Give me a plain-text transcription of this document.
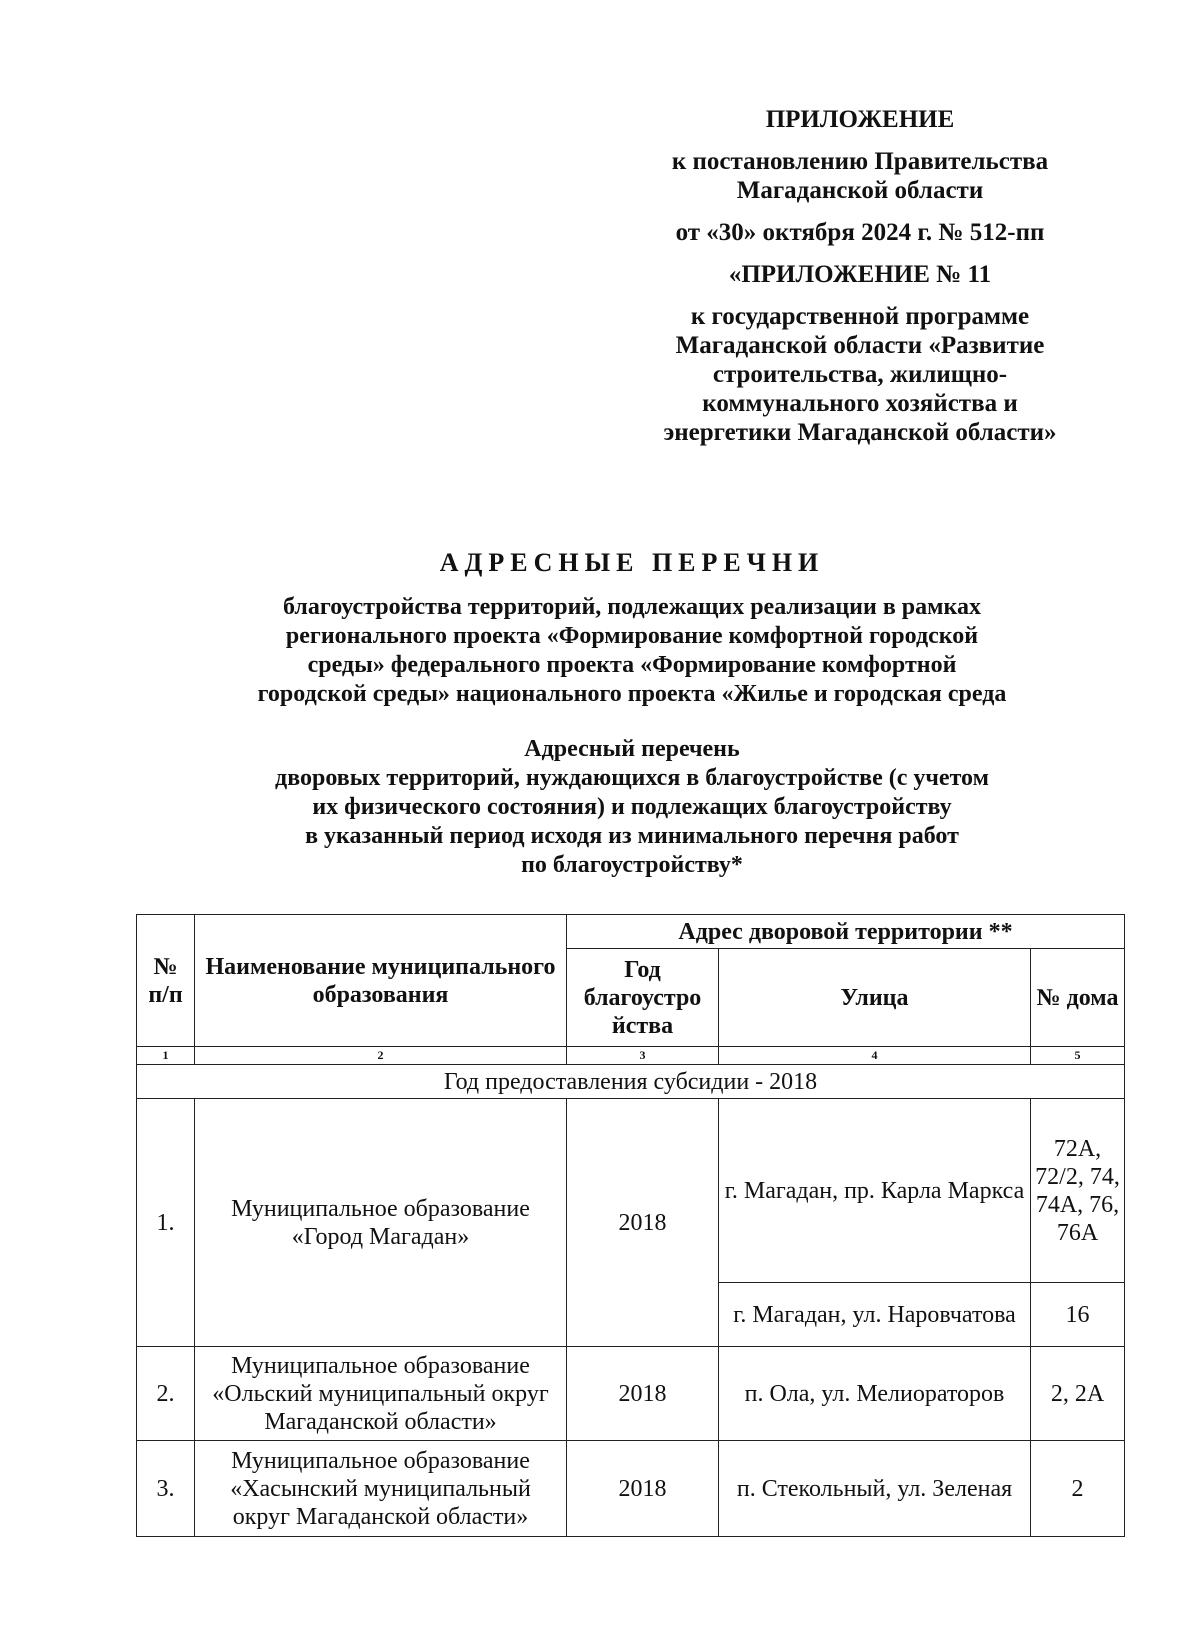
ПРИЛОЖЕНИЕ

к постановлению Правительства

Магаданской области

от «30» октября 2024 г. № 512-пп

«ПРИЛОЖЕНИЕ № 11

к государственной программе

Магаданской области «Развитие

строительства, жилищно-

коммунального хозяйства и

энергетики Магаданской области»

АДРЕСНЫЕ ПЕРЕЧНИ
благоустройства территорий, подлежащих реализации в рамках
регионального проекта «Формирование комфортной городской
среды» федерального проекта «Формирование комфортной
городской среды» национального проекта «Жилье и городская среда
Адресный перечень
дворовых территорий, нуждающихся в благоустройстве (с учетом
их физического состояния) и подлежащих благоустройству
в указанный период исходя из минимального перечня работ
по благоустройству*
№ п/п	Наименование муниципального образования	Адрес дворовой территории **		
		Год благоустро йства	Улица	№ дома
1	2	3	4	5
Год предоставления субсидии - 2018				
1.	Муниципальное образование «Город Магадан»	2018	г. Магадан, пр. Карла Маркса	72А, 72/2, 74, 74А, 76, 76А
			г. Магадан, ул. Наровчатова	16
2.	Муниципальное образование «Ольский муниципальный округ Магаданской области»	2018	п. Ола, ул. Мелиораторов	2, 2А
3.	Муниципальное образование «Хасынский муниципальный округ Магаданской области»	2018	п. Стекольный, ул. Зеленая	2
